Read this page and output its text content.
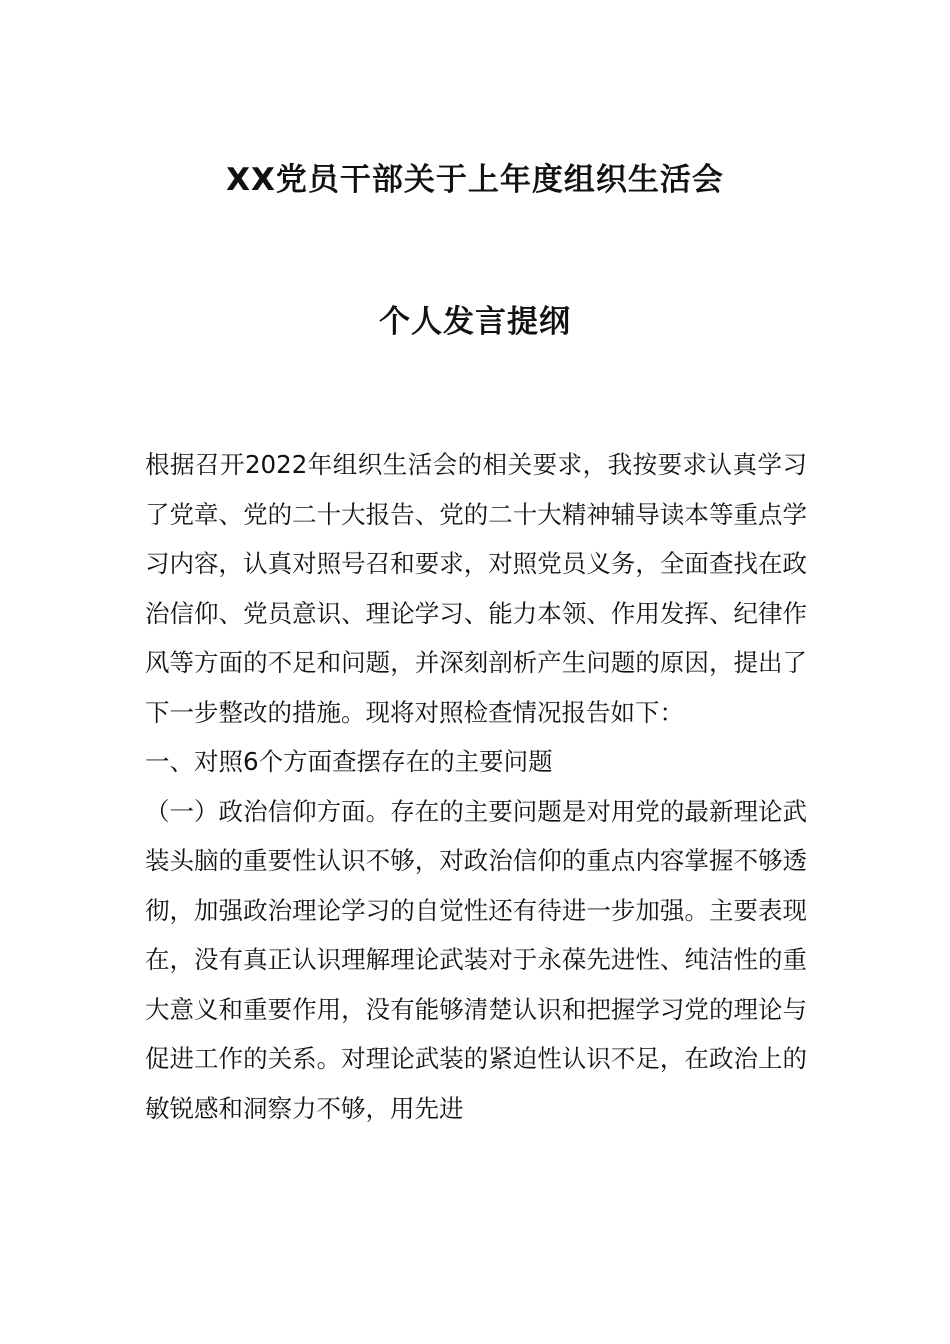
XX党员干部关于上年度组织生活会
个人发言提纲

根据召开2022年组织生活会的相关要求，我按要求认真学习了党章、党的二十大报告、党的二十大精神辅导读本等重点学习内容，认真对照号召和要求，对照党员义务，全面查找在政治信仰、党员意识、理论学习、能力本领、作用发挥、纪律作风等方面的不足和问题，并深刻剖析产生问题的原因，提出了下一步整改的措施。现将对照检查情况报告如下：

一、对照6个方面查摆存在的主要问题

（一）政治信仰方面。存在的主要问题是对用党的最新理论武装头脑的重要性认识不够，对政治信仰的重点内容掌握不够透彻，加强政治理论学习的自觉性还有待进一步加强。主要表现在，没有真正认识理解理论武装对于永葆先进性、纯洁性的重大意义和重要作用，没有能够清楚认识和把握学习党的理论与促进工作的关系。对理论武装的紧迫性认识不足，在政治上的敏锐感和洞察力不够，用先进
